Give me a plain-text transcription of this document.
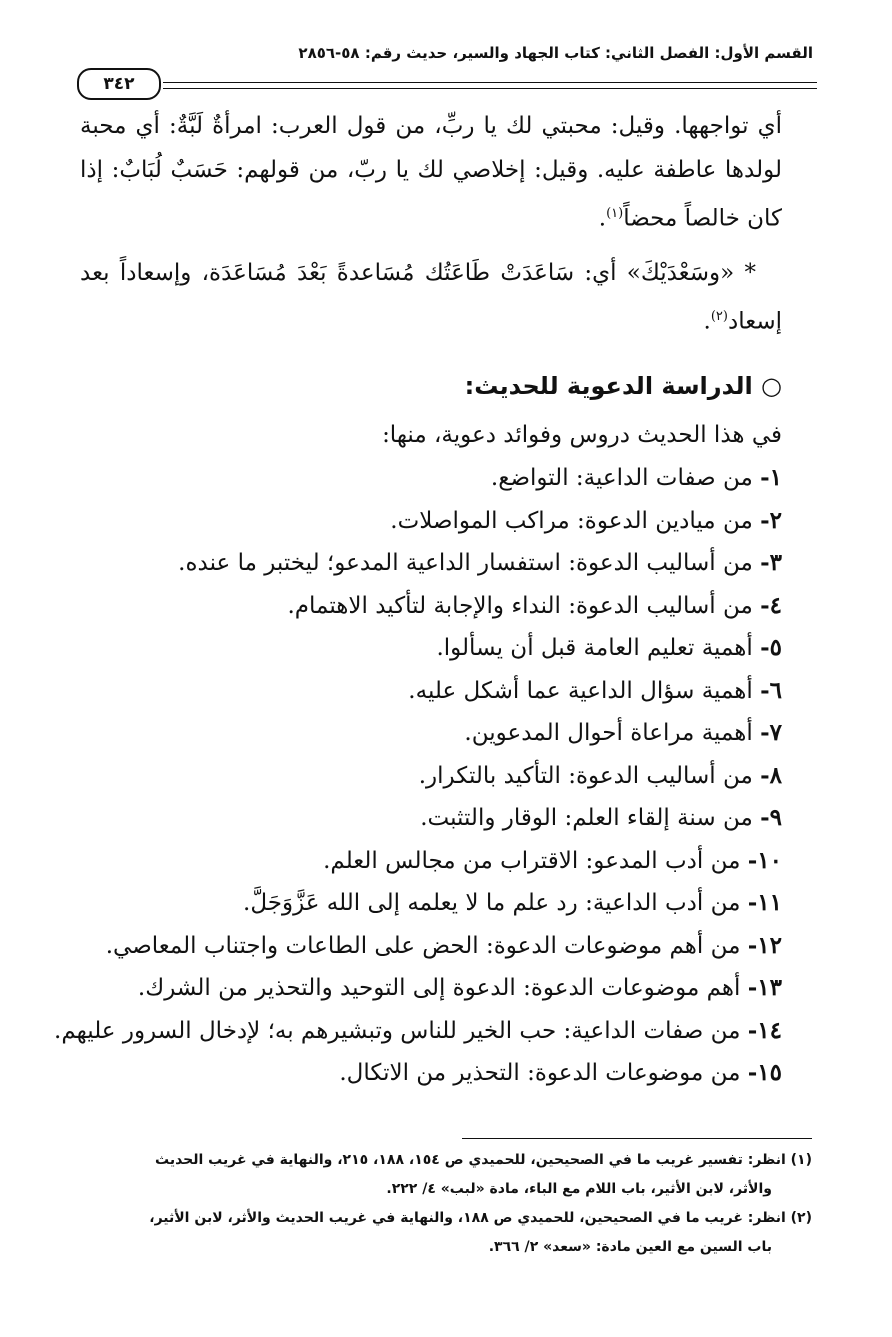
القسم الأول: الفصل الثاني: كتاب الجهاد والسير، حديث رقم: ٥٨-٢٨٥٦
٣٤٢

أي تواجهها. وقيل: محبتي لك يا ربِّ، من قول العرب: امرأةٌ لَبَّةٌ: أي محبة لولدها عاطفة عليه. وقيل: إخلاصي لك يا ربّ، من قولهم: حَسَبٌ لُبَابٌ: إذا كان خالصاً محضاً$^{(١)}$.

* «وسَعْدَيْكَ» أي: سَاعَدَتْ طَاعَتُك مُسَاعدةً بَعْدَ مُسَاعَدَة، وإسعاداً بعد إسعاد$^{(٢)}$.

○ الدراسة الدعوية للحديث:
في هذا الحديث دروس وفوائد دعوية، منها:
١- من صفات الداعية: التواضع.
٢- من ميادين الدعوة: مراكب المواصلات.
٣- من أساليب الدعوة: استفسار الداعية المدعو؛ ليختبر ما عنده.
٤- من أساليب الدعوة: النداء والإجابة لتأكيد الاهتمام.
٥- أهمية تعليم العامة قبل أن يسألوا.
٦- أهمية سؤال الداعية عما أشكل عليه.
٧- أهمية مراعاة أحوال المدعوين.
٨- من أساليب الدعوة: التأكيد بالتكرار.
٩- من سنة إلقاء العلم: الوقار والتثبت.
١٠- من أدب المدعو: الاقتراب من مجالس العلم.
١١- من أدب الداعية: رد علم ما لا يعلمه إلى الله عَزَّوَجَلَّ.
١٢- من أهم موضوعات الدعوة: الحض على الطاعات واجتناب المعاصي.
١٣- أهم موضوعات الدعوة: الدعوة إلى التوحيد والتحذير من الشرك.
١٤- من صفات الداعية: حب الخير للناس وتبشيرهم به؛ لإدخال السرور عليهم.
١٥- من موضوعات الدعوة: التحذير من الاتكال.

(١) انظر: تفسير غريب ما في الصحيحين، للحميدي ص ١٥٤، ١٨٨، ٢١٥، والنهاية في غريب الحديث

والأثر، لابن الأثير، باب اللام مع الباء، مادة «لبب» ٤/ ٢٢٢.

(٢) انظر: غريب ما في الصحيحين، للحميدي ص ١٨٨، والنهاية في غريب الحديث والأثر، لابن الأثير،

باب السين مع العين مادة: «سعد» ٢/ ٣٦٦.
